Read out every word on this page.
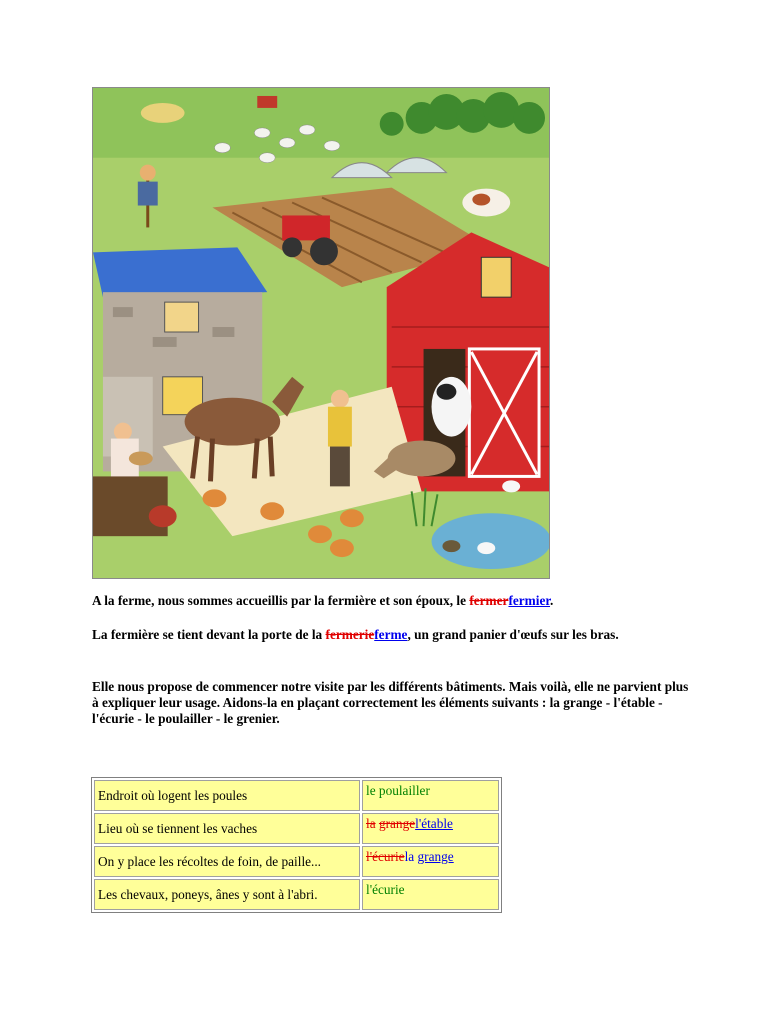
A la ferme, nous sommes accueillis par la fermière et son époux, le fermerfermier.

La fermière se tient devant la porte de la fermerieferme, un grand panier d'œufs sur les bras.

Elle nous propose de commencer notre visite par les différents bâtiments. Mais voilà, elle ne parvient plus à expliquer leur usage. Aidons-la en plaçant correctement les éléments suivants : la grange - l'étable - l'écurie - le poulailler - le grenier.

Endroit où logent les poules	le poulailler
Lieu où se tiennent les vaches	la grangel'étable
On y place les récoltes de foin, de paille...	l'écuriela grange
Les chevaux, poneys, ânes y sont à l'abri.	l'écurie
